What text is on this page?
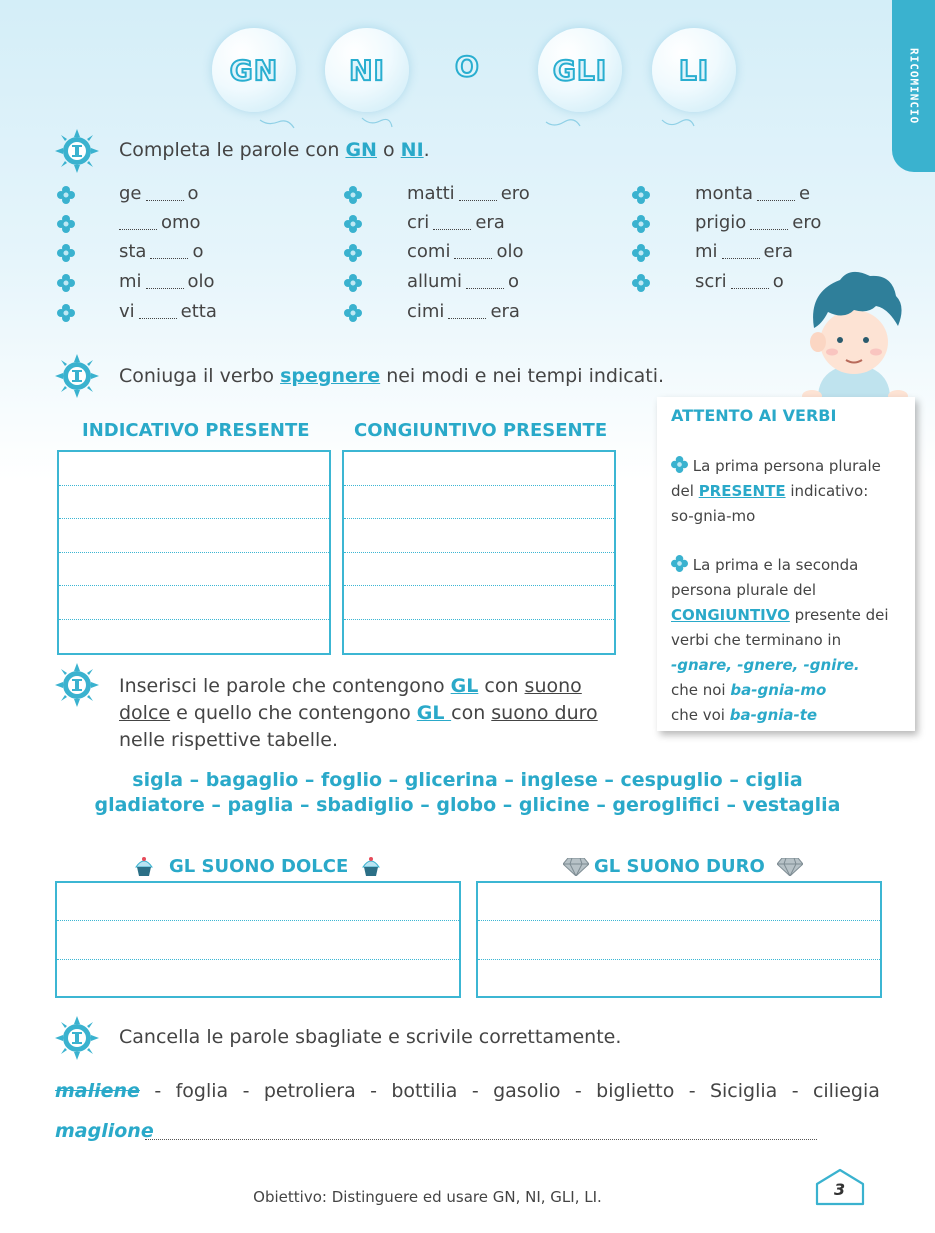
GN	NI	O	GLI	LI	RICOMINCIO
Completa le parole con GN o NI.
ge	o
omo
sta	o
mi	olo
vi	etta
matti	ero
cri	era
comi	olo
allumi	o
cimi	era
monta	e
prigio	ero
mi	era
scri	o
Coniuga il verbo spegnere nei modi e nei tempi indicati.
INDICATIVO PRESENTE CONGIUNTIVO PRESENTE
ATTENTO AI VERBI
La prima persona plurale del PRESENTE indicativo:
so-gnia-mo
La prima e la seconda persona plurale del CONGIUNTIVO presente dei verbi che terminano in
-gnare, -gnere, -gnire.
che noi ba-gnia-mo
che voi ba-gnia-te
Inserisci le parole che contengono GL con suono
dolce e quello che contengono GL con suono duro
nelle rispettive tabelle.
sigla – bagaglio – foglio – glicerina – inglese – cespuglio – ciglia
gladiatore – paglia – sbadiglio – globo – glicine – geroglifici – vestaglia
GL SUONO DOLCE	GL SUONO DURO
Cancella le parole sbagliate e scrivile correttamente.
maliene - foglia - petroliera - bottilia - gasolio - biglietto - Siciglia - ciliegia
maglione
Obiettivo: Distinguere ed usare GN, NI, GLI, LI.	3
